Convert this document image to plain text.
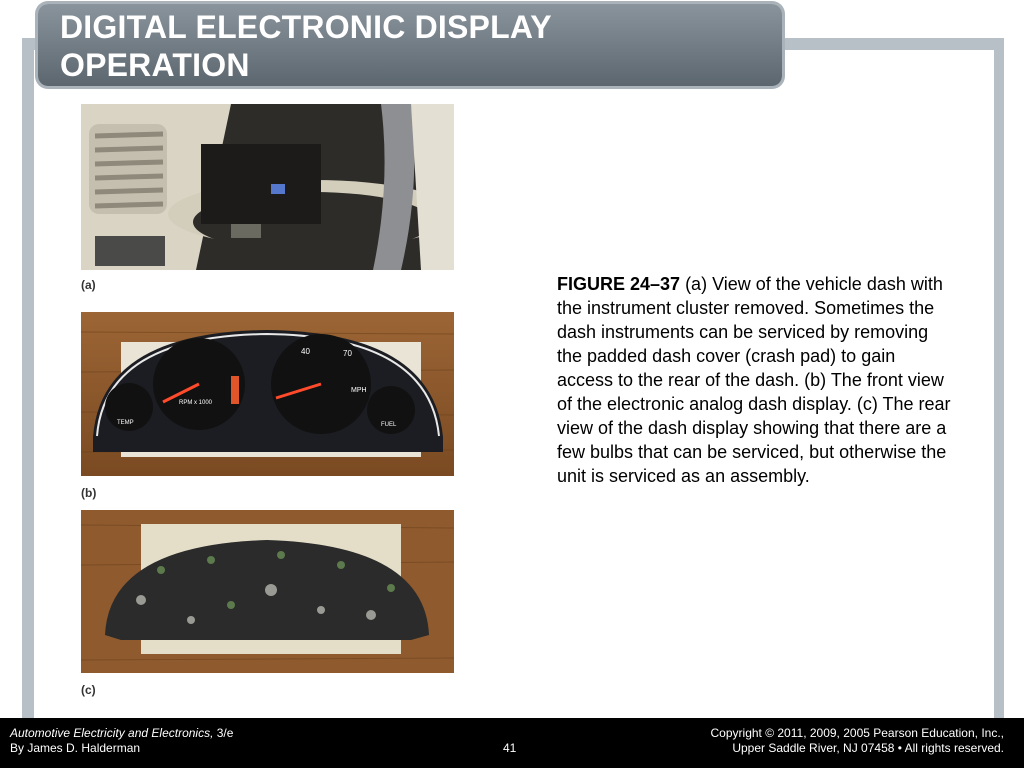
DIGITAL ELECTRONIC DISPLAY
OPERATION
(a)
40	70
MPH
RPM x 1000
TEMP	FUEL
(b)
(c)

FIGURE 24–37 (a) View of the vehicle dash with the instrument cluster removed. Sometimes the dash instruments can be serviced by removing the padded dash cover (crash pad) to gain access to the rear of the dash. (b) The front view of the electronic analog dash display. (c) The rear view of the dash display showing that there are a few bulbs that can be serviced, but otherwise the unit is serviced as an assembly.

Automotive Electricity and Electronics, 3/e
By James D. Halderman	41
Copyright © 2011, 2009, 2005 Pearson Education, Inc.,
Upper Saddle River, NJ 07458 • All rights reserved.
